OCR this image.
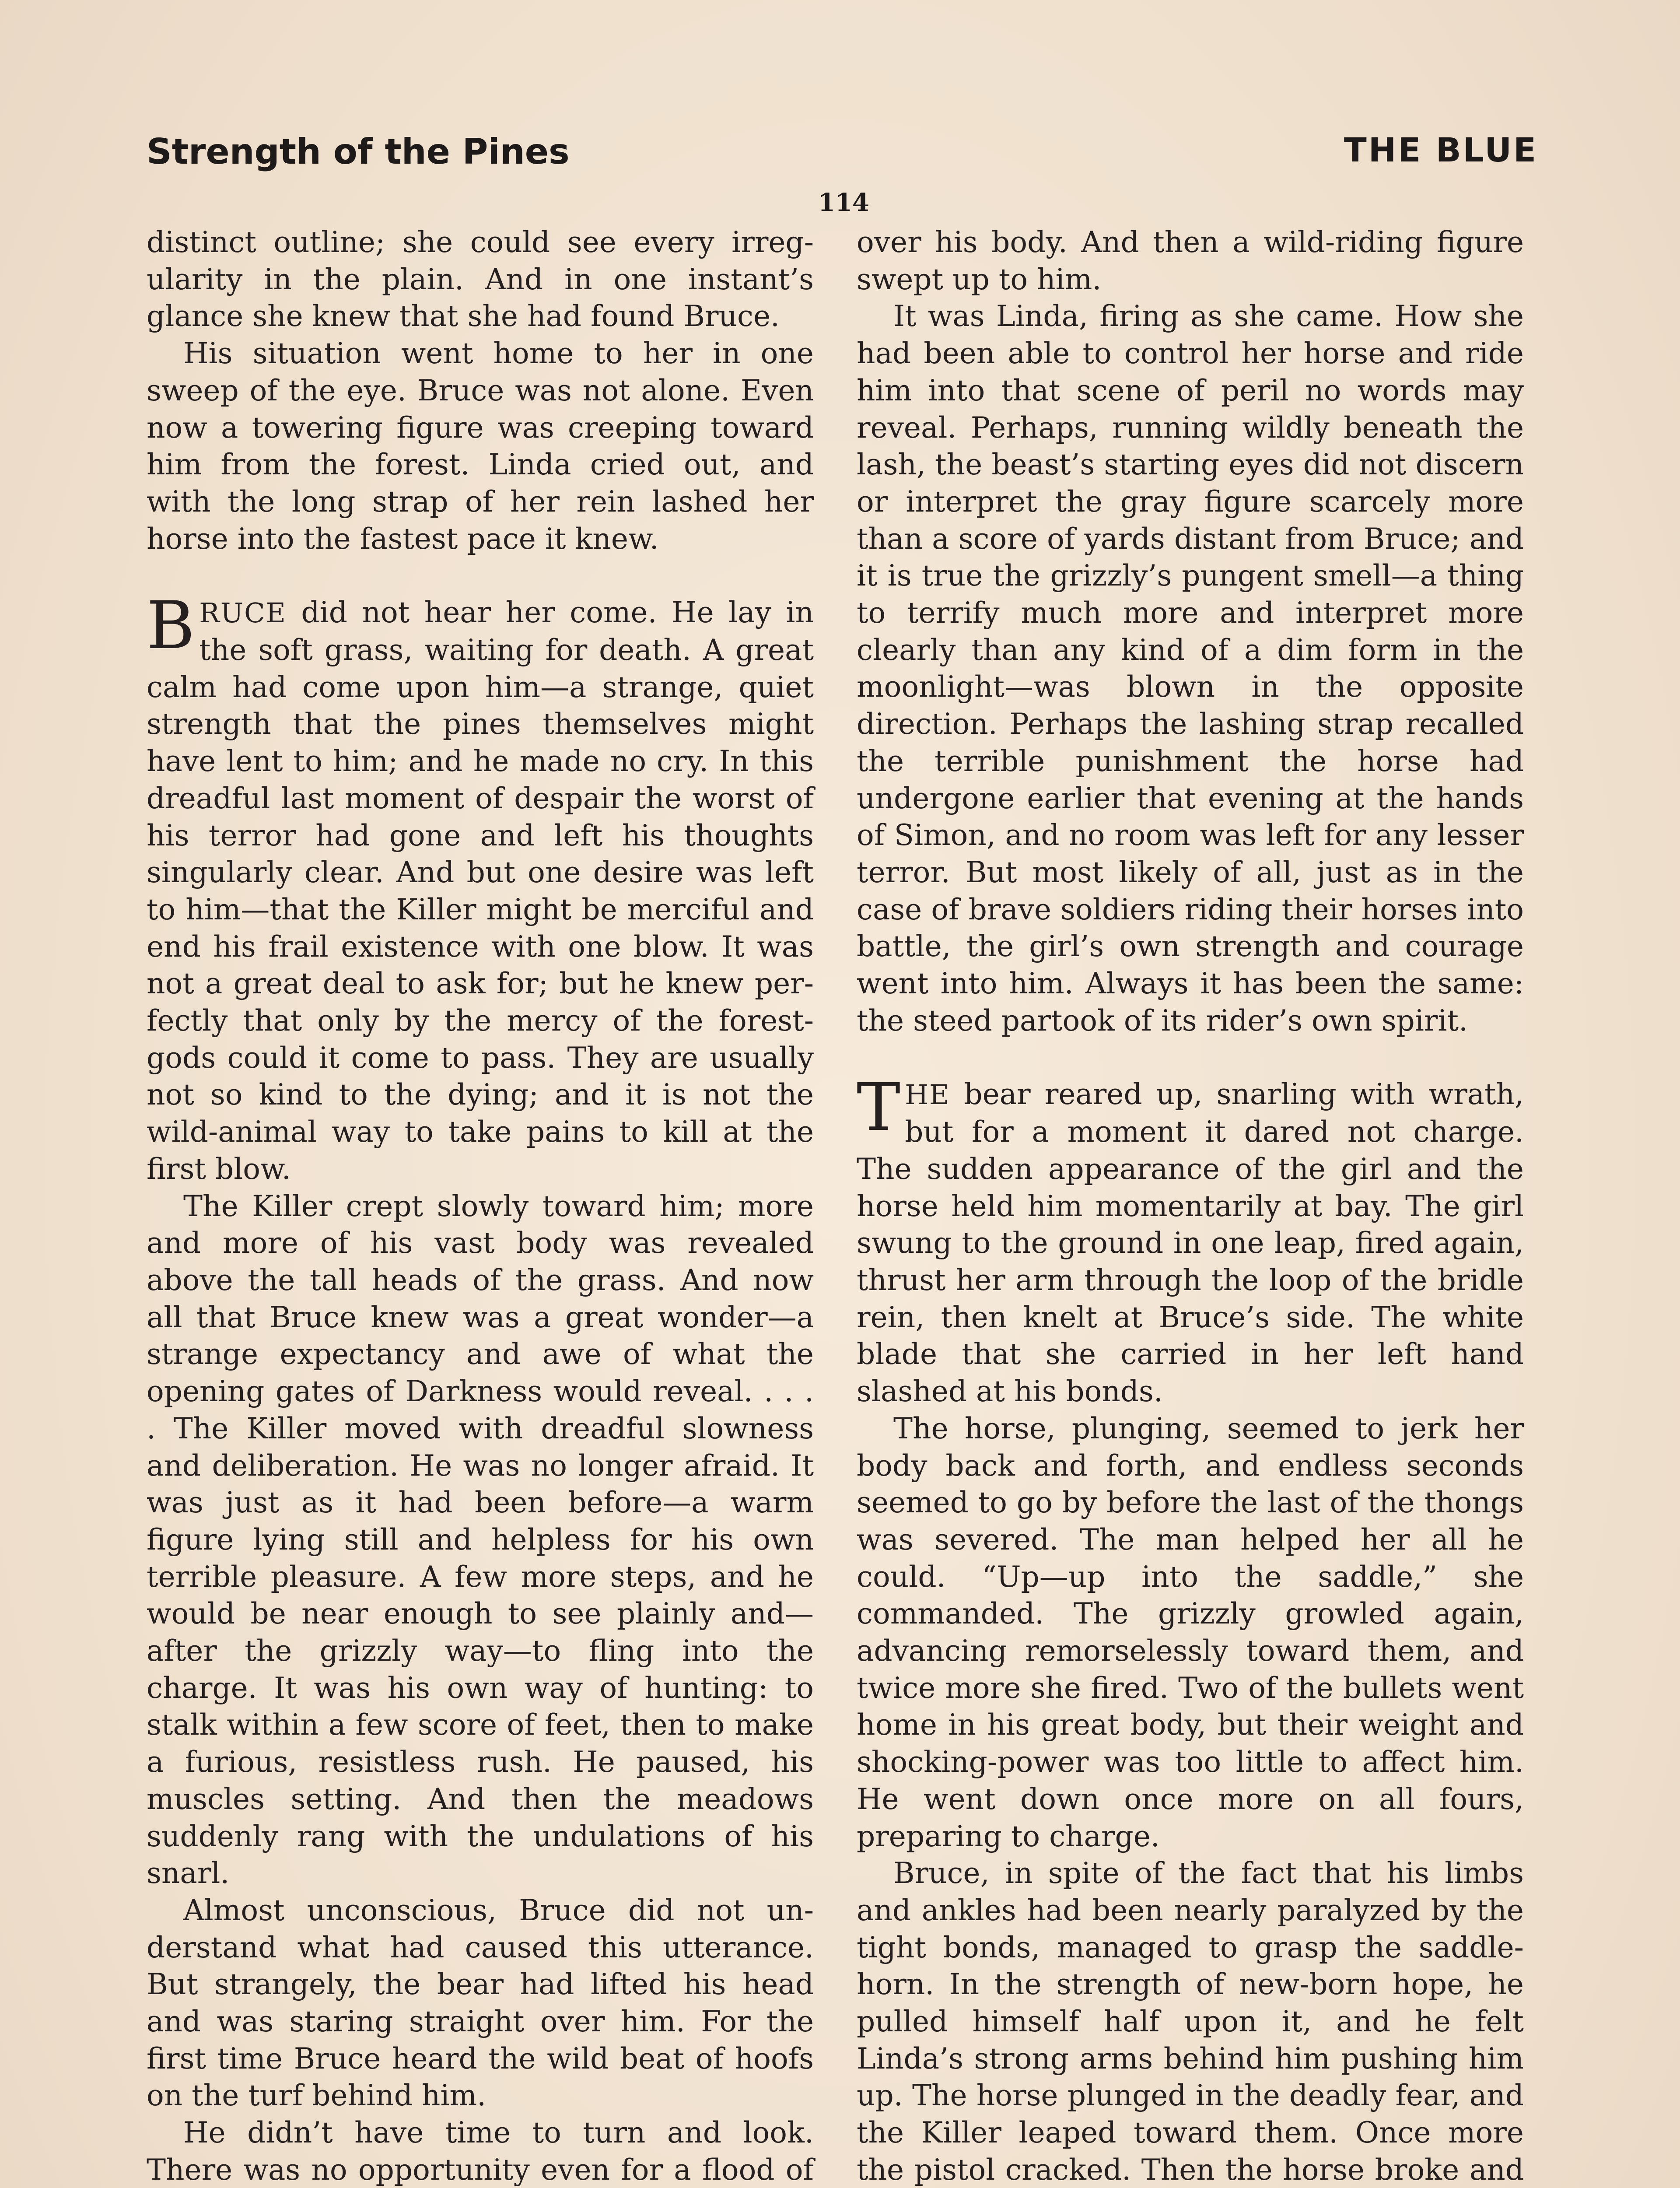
Strength of the Pines	THE BLUE
114

distinct outline; she could see every irregularity in the plain. And in one instant’s glance she knew that she had found Bruce.

His situation went home to her in one sweep of the eye. Bruce was not alone. Even now a towering figure was creeping toward him from the forest. Linda cried out, and with the long strap of her rein lashed her horse into the fastest pace it knew.

BRUCE did not hear her come. He lay in the soft grass, waiting for death. A great calm had come upon him—a strange, quiet strength that the pines themselves might have lent to him; and he made no cry. In this dreadful last moment of despair the worst of his terror had gone and left his thoughts singularly clear. And but one desire was left to him—that the Killer might be merciful and end his frail existence with one blow. It was not a great deal to ask for; but he knew perfectly that only by the mercy of the forest-gods could it come to pass. They are usually not so kind to the dying; and it is not the wild-animal way to take pains to kill at the first blow.

The Killer crept slowly toward him; more and more of his vast body was revealed above the tall heads of the grass. And now all that Bruce knew was a great wonder—a strange expectancy and awe of what the opening gates of Darkness would reveal. . . . . The Killer moved with dreadful slowness and deliberation. He was no longer afraid. It was just as it had been before—a warm figure lying still and helpless for his own terrible pleasure. A few more steps, and he would be near enough to see plainly and—after the grizzly way—to fling into the charge. It was his own way of hunting: to stalk within a few score of feet, then to make a furious, resistless rush. He paused, his muscles setting. And then the meadows suddenly rang with the undulations of his snarl.

Almost unconscious, Bruce did not understand what had caused this utterance. But strangely, the bear had lifted his head and was staring straight over him. For the first time Bruce heard the wild beat of hoofs on the turf behind him.

He didn’t have time to turn and look. There was no opportunity even for a flood of

over his body. And then a wild-riding figure swept up to him.

It was Linda, firing as she came. How she had been able to control her horse and ride him into that scene of peril no words may reveal. Perhaps, running wildly beneath the lash, the beast’s starting eyes did not discern or interpret the gray figure scarcely more than a score of yards distant from Bruce; and it is true the grizzly’s pungent smell—a thing to terrify much more and interpret more clearly than any kind of a dim form in the moonlight—was blown in the opposite direction. Perhaps the lashing strap recalled the terrible punishment the horse had undergone earlier that evening at the hands of Simon, and no room was left for any lesser terror. But most likely of all, just as in the case of brave soldiers riding their horses into battle, the girl’s own strength and courage went into him. Always it has been the same: the steed partook of its rider’s own spirit.

THE bear reared up, snarling with wrath, but for a moment it dared not charge. The sudden appearance of the girl and the horse held him momentarily at bay. The girl swung to the ground in one leap, fired again, thrust her arm through the loop of the bridle rein, then knelt at Bruce’s side. The white blade that she carried in her left hand slashed at his bonds.

The horse, plunging, seemed to jerk her body back and forth, and endless seconds seemed to go by before the last of the thongs was severed. The man helped her all he could. “Up—up into the saddle,” she commanded. The grizzly growled again, advancing remorselessly toward them, and twice more she fired. Two of the bullets went home in his great body, but their weight and shocking-power was too little to affect him. He went down once more on all fours, preparing to charge.

Bruce, in spite of the fact that his limbs and ankles had been nearly paralyzed by the tight bonds, managed to grasp the saddle-horn. In the strength of new-born hope, he pulled himself half upon it, and he felt Linda’s strong arms behind him pushing him up. The horse plunged in the deadly fear, and the Killer leaped toward them. Once more the pistol cracked. Then the horse broke and
